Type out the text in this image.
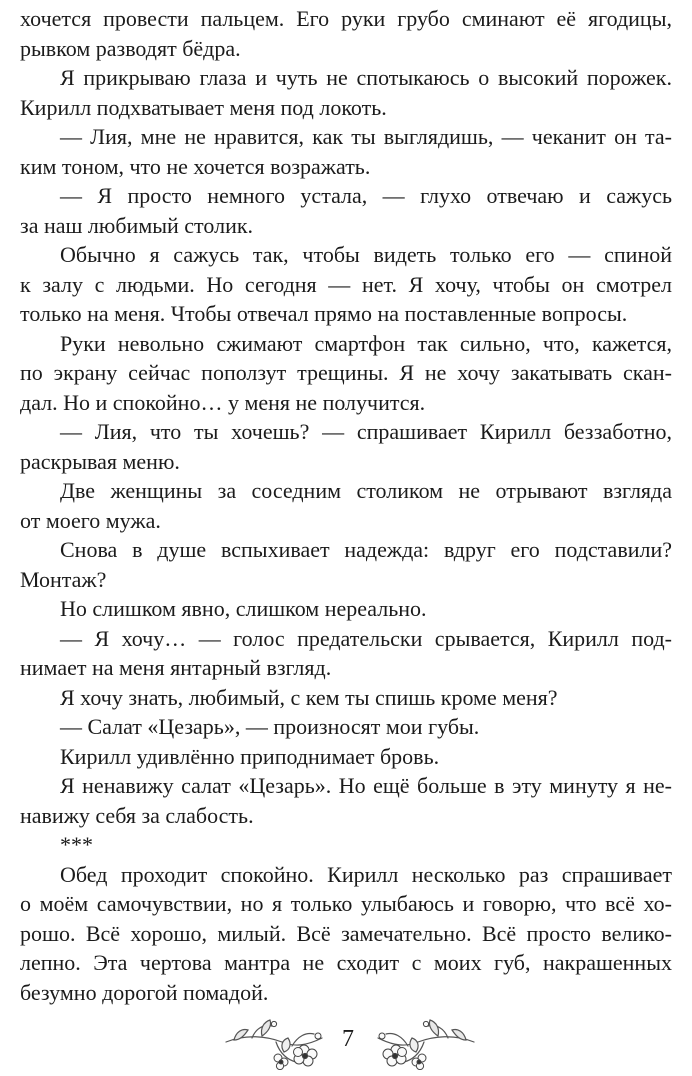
хочется провести пальцем. Его руки грубо сминают её ягодицы,
рывком разводят бёдра.
Я прикрываю глаза и чуть не спотыкаюсь о высокий порожек.
Кирилл подхватывает меня под локоть.
— Лия, мне не нравится, как ты выглядишь, — чеканит он та-
ким тоном, что не хочется возражать.
— Я просто немного устала, — глухо отвечаю и сажусь
за наш любимый столик.
Обычно я сажусь так, чтобы видеть только его — спиной
к залу с людьми. Но сегодня — нет. Я хочу, чтобы он смотрел
только на меня. Чтобы отвечал прямо на поставленные вопросы.
Руки невольно сжимают смартфон так сильно, что, кажется,
по экрану сейчас поползут трещины. Я не хочу закатывать скан-
дал. Но и спокойно… у меня не получится.
— Лия, что ты хочешь? — спрашивает Кирилл беззаботно,
раскрывая меню.
Две женщины за соседним столиком не отрывают взгляда
от моего мужа.
Снова в душе вспыхивает надежда: вдруг его подставили?
Монтаж?
Но слишком явно, слишком нереально.
— Я хочу… — голос предательски срывается, Кирилл под-
нимает на меня янтарный взгляд.
Я хочу знать, любимый, с кем ты спишь кроме меня?
— Салат «Цезарь», — произносят мои губы.
Кирилл удивлённо приподнимает бровь.
Я ненавижу салат «Цезарь». Но ещё больше в эту минуту я не-
навижу себя за слабость.
***
Обед проходит спокойно. Кирилл несколько раз спрашивает
о моём самочувствии, но я только улыбаюсь и говорю, что всё хо-
рошо. Всё хорошо, милый. Всё замечательно. Всё просто велико-
лепно. Эта чертова мантра не сходит с моих губ, накрашенных
безумно дорогой помадой.
7
